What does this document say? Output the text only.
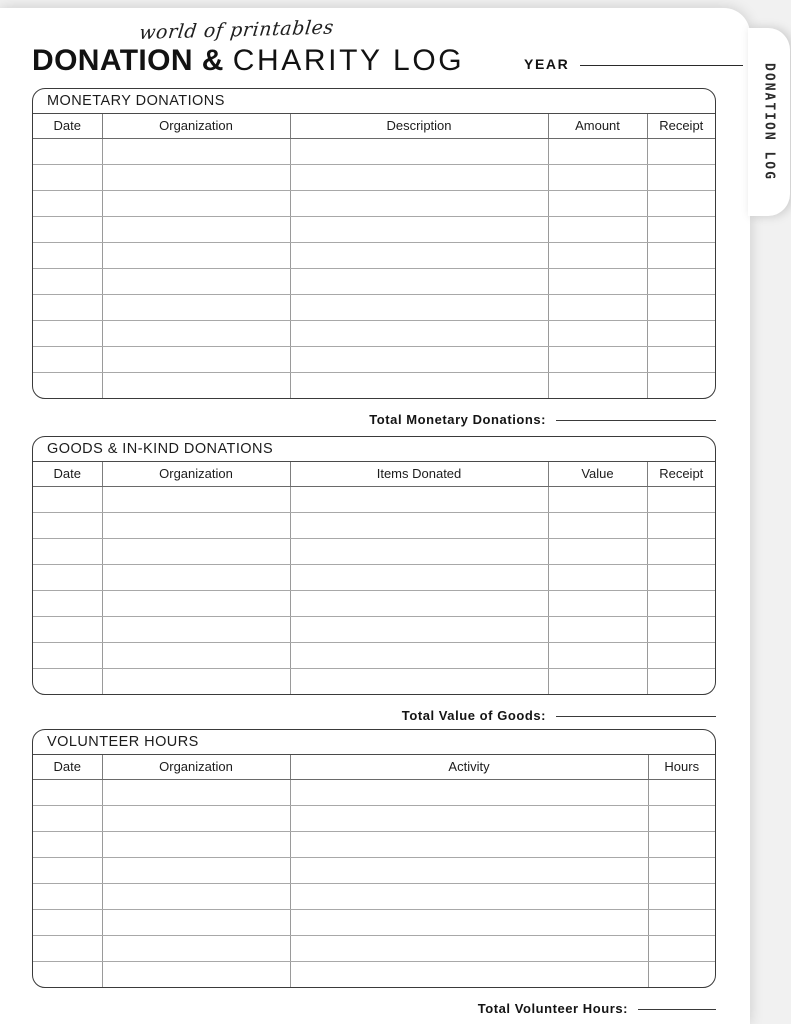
world of printables
DONATION & CHARITY LOG	YEAR
MONETARY DONATIONS
Date	Organization	Description	Amount	Receipt

Total Monetary Donations:
GOODS & IN-KIND DONATIONS
Date	Organization	Items Donated	Value	Receipt

Total Value of Goods:
VOLUNTEER HOURS
Date	Organization	Activity	Hours

Total Volunteer Hours:
DONATION LOG
